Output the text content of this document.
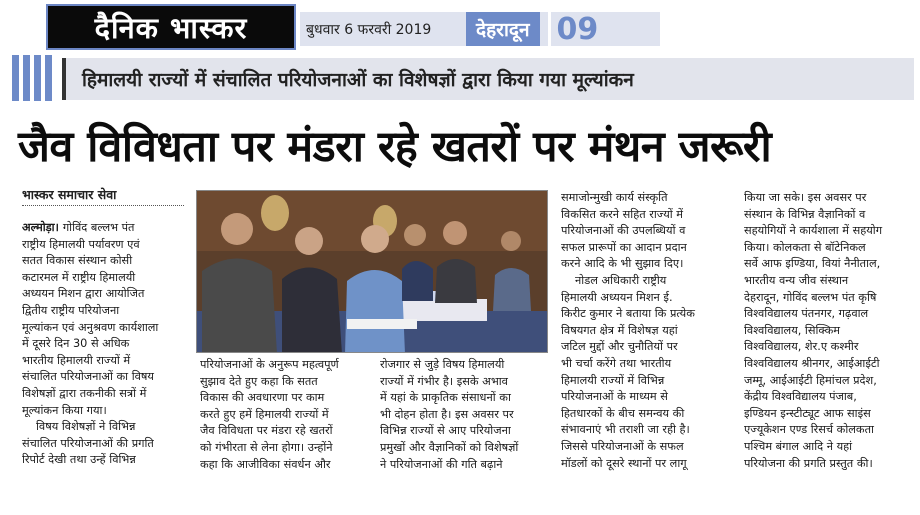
दैनिक भास्कर	बुधवार 6 फरवरी 2019	देहरादून 09
हिमालयी राज्यों में संचालित परियोजनाओं का विशेषज्ञों द्वारा किया गया मूल्यांकन
जैव विविधता पर मंडरा रहे खतरों पर मंथन जरूरी
भास्कर समाचार सेवा

अल्मोड़ा। गोविंद बल्लभ पंत

राष्ट्रीय हिमालयी पर्यावरण एवं

सतत विकास संस्थान कोसी

कटारमल में राष्ट्रीय हिमालयी

अध्ययन मिशन द्वारा आयोजित

द्वितीय राष्ट्रीय परियोजना

मूल्यांकन एवं अनुश्रवण कार्यशाला

में दूसरे दिन 30 से अधिक

भारतीय हिमालयी राज्यों में

संचालित परियोजनाओं का विषय

विशेषज्ञों द्वारा तकनीकी सत्रों में

मूल्यांकन किया गया।

विषय विशेषज्ञों ने विभिन्न

संचालित परियोजनाओं की प्रगति

रिपोर्ट देखी तथा उन्हें विभिन्न

परियोजनाओं के अनुरूप महत्वपूर्ण

सुझाव देते हुए कहा कि सतत

विकास की अवधारणा पर काम

करते हुए हमें हिमालयी राज्यों में

जैव विविधता पर मंडरा रहे खतरों

को गंभीरता से लेना होगा। उन्होंने

कहा कि आजीविका संवर्धन और

रोजगार से जुड़े विषय हिमालयी

राज्यों में गंभीर है। इसके अभाव

में यहां के प्राकृतिक संसाधनों का

भी दोहन होता है। इस अवसर पर

विभिन्न राज्यों से आए परियोजना

प्रमुखों और वैज्ञानिकों को विशेषज्ञों

ने परियोजनाओं की गति बढ़ाने

समाजोन्मुखी कार्य संस्कृति

विकसित करने सहित राज्यों में

परियोजनाओं की उपलब्धियों व

सफल प्रारूपों का आदान प्रदान

करने आदि के भी सुझाव दिए।

नोडल अधिकारी राष्ट्रीय

हिमालयी अध्ययन मिशन ई.

किरीट कुमार ने बताया कि प्रत्येक

विषयगत क्षेत्र में विशेषज्ञ यहां

जटिल मुद्दों और चुनौतियों पर

भी चर्चा करेंगे तथा भारतीय

हिमालयी राज्यों में विभिन्न

परियोजनाओं के माध्यम से

हितधारकों के बीच समन्वय की

संभावनाएं भी तराशी जा रही है।

जिससे परियोजनाओं के सफल

मॉडलों को दूसरे स्थानों पर लागू

किया जा सके। इस अवसर पर

संस्थान के विभिन्न वैज्ञानिकों व

सहयोगियों ने कार्यशाला में सहयोग

किया। कोलकता से बॉटेनिकल

सर्वे आफ इण्डिया, वियां नैनीताल,

भारतीय वन्य जीव संस्थान

देहरादून, गोविंद बल्लभ पंत कृषि

विश्वविद्यालय पंतनगर, गढ़वाल

विश्वविद्यालय, सिक्किम

विश्वविद्यालय, शेर.ए कश्मीर

विश्वविद्यालय श्रीनगर, आईआईटी

जम्मू, आईआईटी हिमांचल प्रदेश,

केंद्रीय विश्वविद्यालय पंजाब,

इण्डियन इन्स्टीट्यूट आफ साइंस

एज्यूकेशन एण्ड रिसर्च कोलकता

पश्चिम बंगाल आदि ने यहां

परियोजना की प्रगति प्रस्तुत की।
